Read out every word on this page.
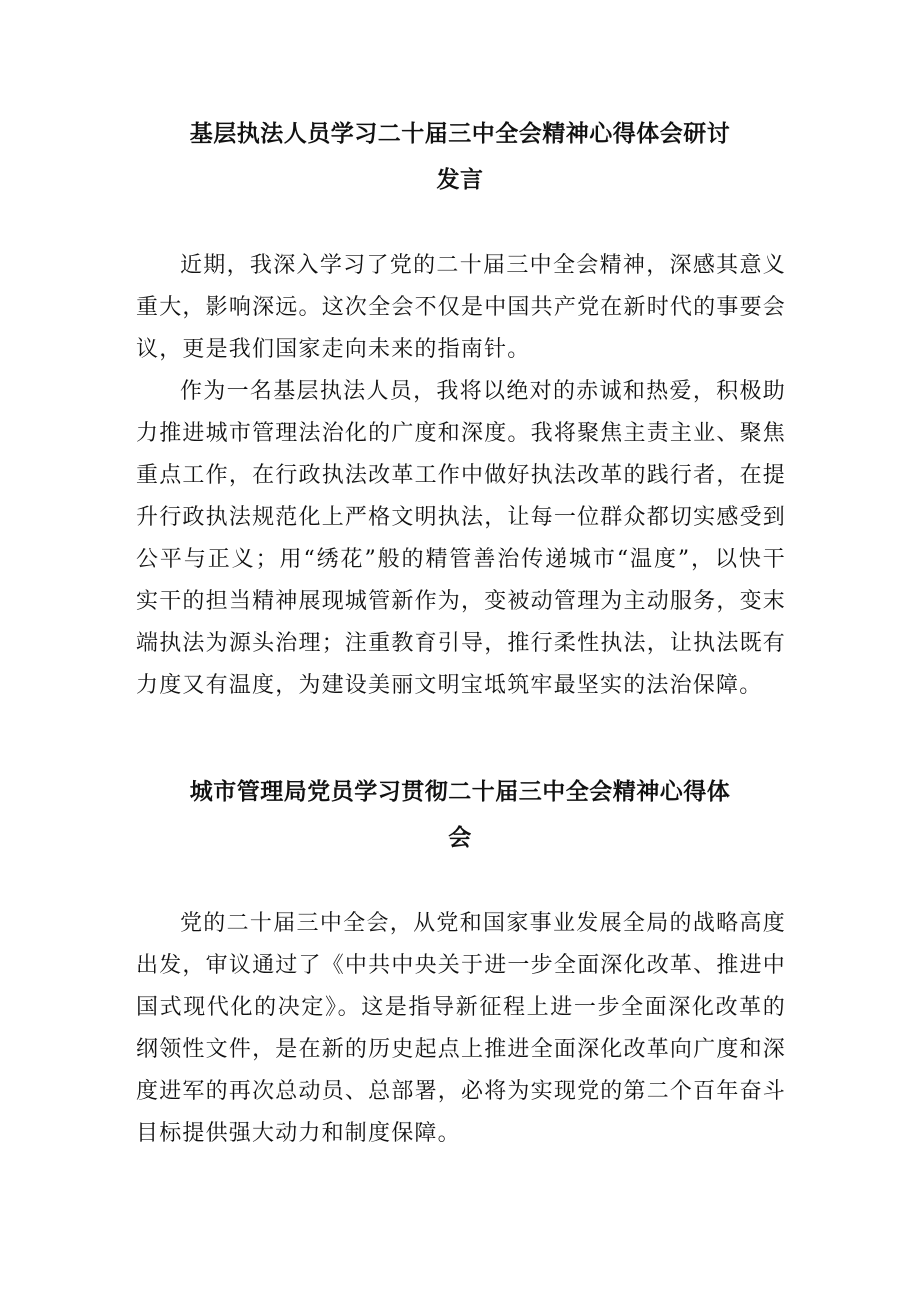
基层执法人员学习二十届三中全会精神心得体会研讨
发言

近期，我深入学习了党的二十届三中全会精神，深感其意义重大，影响深远。这次全会不仅是中国共产党在新时代的事要会议，更是我们国家走向未来的指南针。

作为一名基层执法人员，我将以绝对的赤诚和热爱，积极助力推进城市管理法治化的广度和深度。我将聚焦主责主业、聚焦重点工作，在行政执法改革工作中做好执法改革的践行者，在提升行政执法规范化上严格文明执法，让每一位群众都切实感受到公平与正义；用“绣花”般的精管善治传递城市“温度”，以快干实干的担当精神展现城管新作为，变被动管理为主动服务，变末端执法为源头治理；注重教育引导，推行柔性执法，让执法既有力度又有温度，为建设美丽文明宝坻筑牢最坚实的法治保障。

城市管理局党员学习贯彻二十届三中全会精神心得体
会

党的二十届三中全会，从党和国家事业发展全局的战略高度出发，审议通过了《中共中央关于进一步全面深化改革、推进中国式现代化的决定》。这是指导新征程上进一步全面深化改革的纲领性文件，是在新的历史起点上推进全面深化改革向广度和深度进军的再次总动员、总部署，必将为实现党的第二个百年奋斗目标提供强大动力和制度保障。
